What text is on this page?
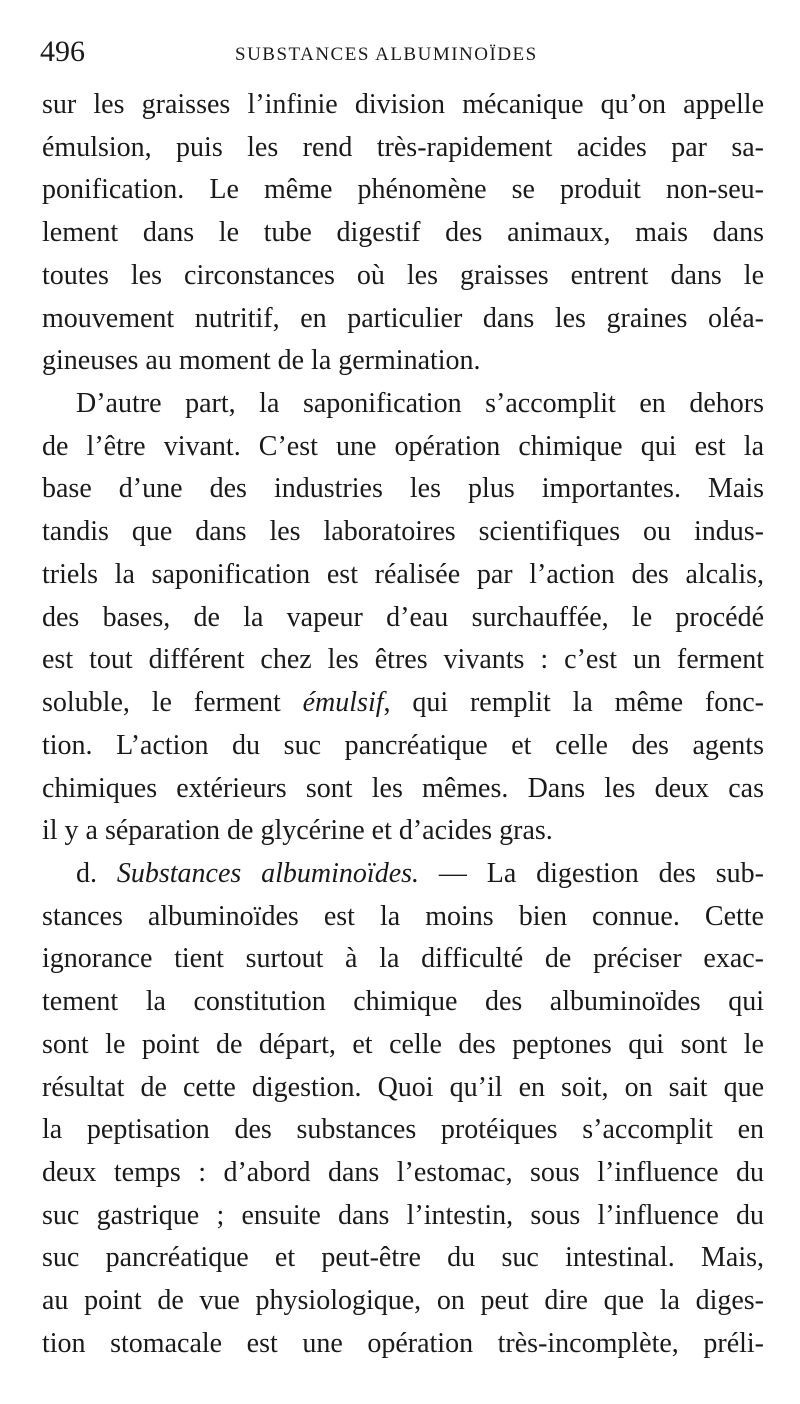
496	SUBSTANCES ALBUMINOÏDES
sur les graisses l’infinie division mécanique qu’on appelle
émulsion, puis les rend très-rapidement acides par sa-
ponification. Le même phénomène se produit non-seu-
lement dans le tube digestif des animaux, mais dans
toutes les circonstances où les graisses entrent dans le
mouvement nutritif, en particulier dans les graines oléa-
gineuses au moment de la germination.
D’autre part, la saponification s’accomplit en dehors
de l’être vivant. C’est une opération chimique qui est la
base d’une des industries les plus importantes. Mais
tandis que dans les laboratoires scientifiques ou indus-
triels la saponification est réalisée par l’action des alcalis,
des bases, de la vapeur d’eau surchauffée, le procédé
est tout différent chez les êtres vivants : c’est un ferment
soluble, le ferment émulsif, qui remplit la même fonc-
tion. L’action du suc pancréatique et celle des agents
chimiques extérieurs sont les mêmes. Dans les deux cas
il y a séparation de glycérine et d’acides gras.
d. Substances albuminoïdes. — La digestion des sub-
stances albuminoïdes est la moins bien connue. Cette
ignorance tient surtout à la difficulté de préciser exac-
tement la constitution chimique des albuminoïdes qui
sont le point de départ, et celle des peptones qui sont le
résultat de cette digestion. Quoi qu’il en soit, on sait que
la peptisation des substances protéiques s’accomplit en
deux temps : d’abord dans l’estomac, sous l’influence du
suc gastrique ; ensuite dans l’intestin, sous l’influence du
suc pancréatique et peut-être du suc intestinal. Mais,
au point de vue physiologique, on peut dire que la diges-
tion stomacale est une opération très-incomplète, préli-
